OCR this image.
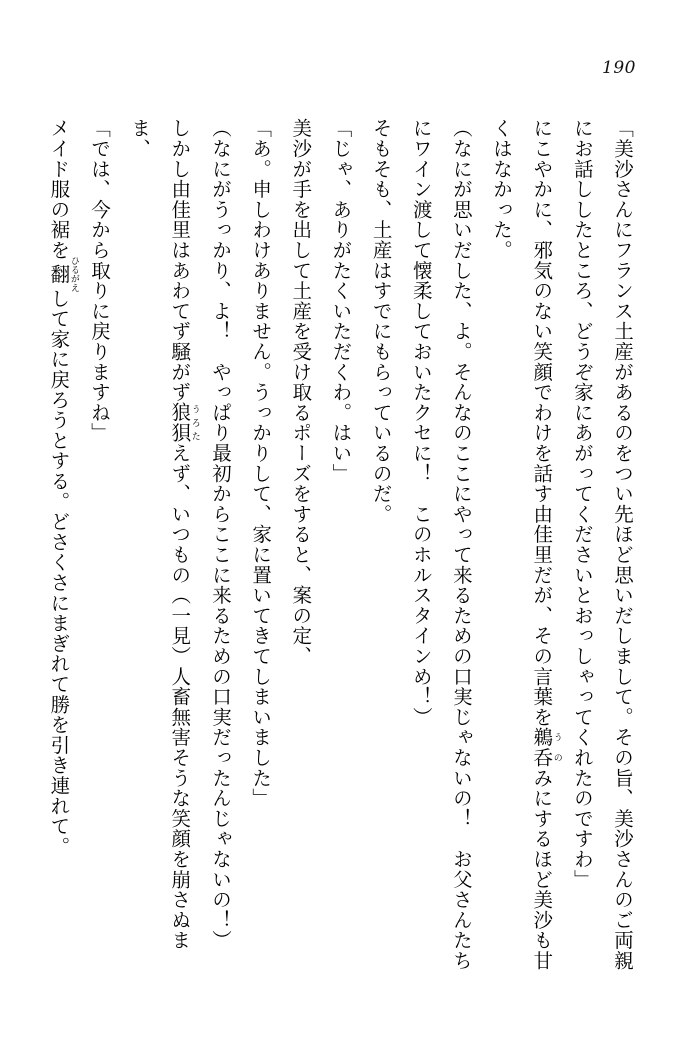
190

「美沙さんにフランス土産があるのをつい先ほど思いだしまして。その旨、美沙さんのご両親にお話ししたところ、どうぞ家にあがってくださいとおっしゃってくれたのですわ」

にこやかに、邪気のない笑顔でわけを話す由佳里だが、その言葉を鵜呑うのみにするほど美沙も甘くはなかった。

（なにが思いだした、よ。そんなのここにやって来るための口実じゃないの！　お父さんたちにワイン渡して懐柔しておいたクセに！　このホルスタインめ！）

そもそも、土産はすでにもらっているのだ。

「じゃ、ありがたくいただくわ。はい」

美沙が手を出して土産を受け取るポーズをすると、案の定、

「あ。申しわけありません。うっかりして、家に置いてきてしまいました」

（なにがうっかり、よ！　やっぱり最初からここに来るための口実だったんじゃないの！）

しかし由佳里はあわてず騒がず狼狽うろたえず、いつもの（一見）人畜無害そうな笑顔を崩さぬまま、

「では、今から取りに戻りますね」

メイド服の裾を翻ひるがえして家に戻ろうとする。どさくさにまぎれて勝を引き連れて。
